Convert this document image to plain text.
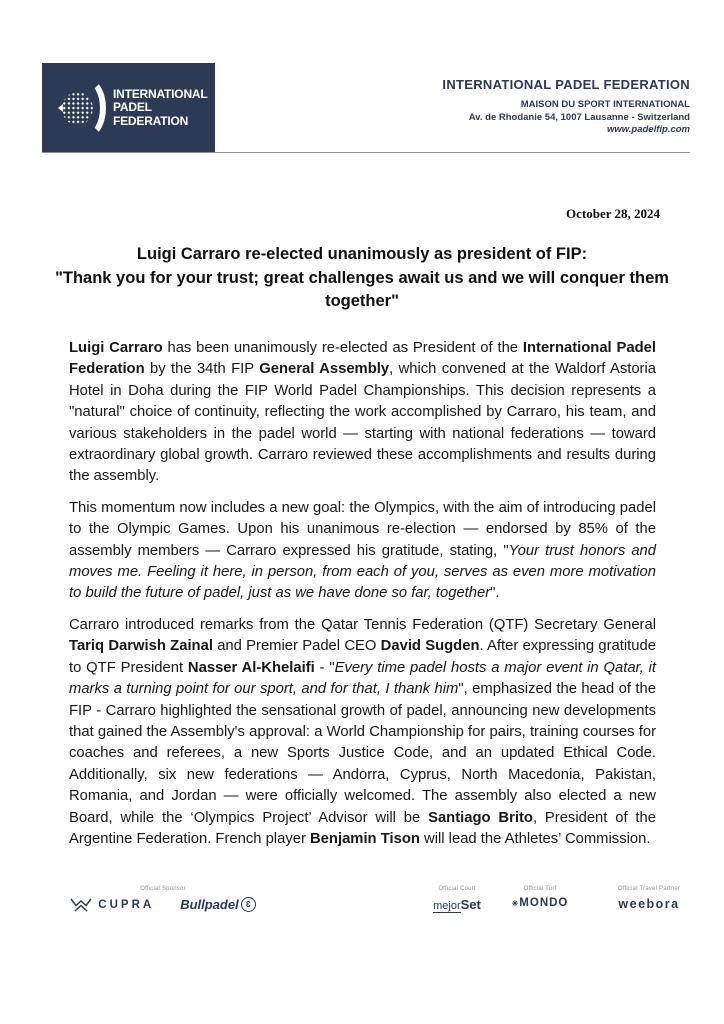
INTERNATIONAL
PADEL
FEDERATION
INTERNATIONAL PADEL FEDERATION
MAISON DU SPORT INTERNATIONAL
Av. de Rhodanie 54, 1007 Lausanne - Switzerland
www.padelfip.com
October 28, 2024
Luigi Carraro re-elected unanimously as president of FIP:
"Thank you for your trust; great challenges await us and we will conquer them together"

Luigi Carraro has been unanimously re-elected as President of the International Padel Federation by the 34th FIP General Assembly, which convened at the Waldorf Astoria Hotel in Doha during the FIP World Padel Championships. This decision represents a "natural" choice of continuity, reflecting the work accomplished by Carraro, his team, and various stakeholders in the padel world — starting with national federations — toward extraordinary global growth. Carraro reviewed these accomplishments and results during the assembly.

This momentum now includes a new goal: the Olympics, with the aim of introducing padel to the Olympic Games. Upon his unanimous re-election — endorsed by 85% of the assembly members — Carraro expressed his gratitude, stating, "Your trust honors and moves me. Feeling it here, in person, from each of you, serves as even more motivation to build the future of padel, just as we have done so far, together".

Carraro introduced remarks from the Qatar Tennis Federation (QTF) Secretary General Tariq Darwish Zainal and Premier Padel CEO David Sugden. After expressing gratitude to QTF President Nasser Al-Khelaifi - "Every time padel hosts a major event in Qatar, it marks a turning point for our sport, and for that, I thank him", emphasized the head of the FIP - Carraro highlighted the sensational growth of padel, announcing new developments that gained the Assembly's approval: a World Championship for pairs, training courses for coaches and referees, a new Sports Justice Code, and an updated Ethical Code. Additionally, six new federations — Andorra, Cyprus, North Macedonia, Pakistan, Romania, and Jordan — were officially welcomed. The assembly also elected a new Board, while the ‘Olympics Project’ Advisor will be Santiago Brito, President of the Argentine Federation. French player Benjamin Tison will lead the Athletes’ Commission.

Official Sponsor
CUPRA Bullpadel Ɛ
Official Court
mejorSet
Official Turf
✳ MONDO
Official Travel Partner
weebora
